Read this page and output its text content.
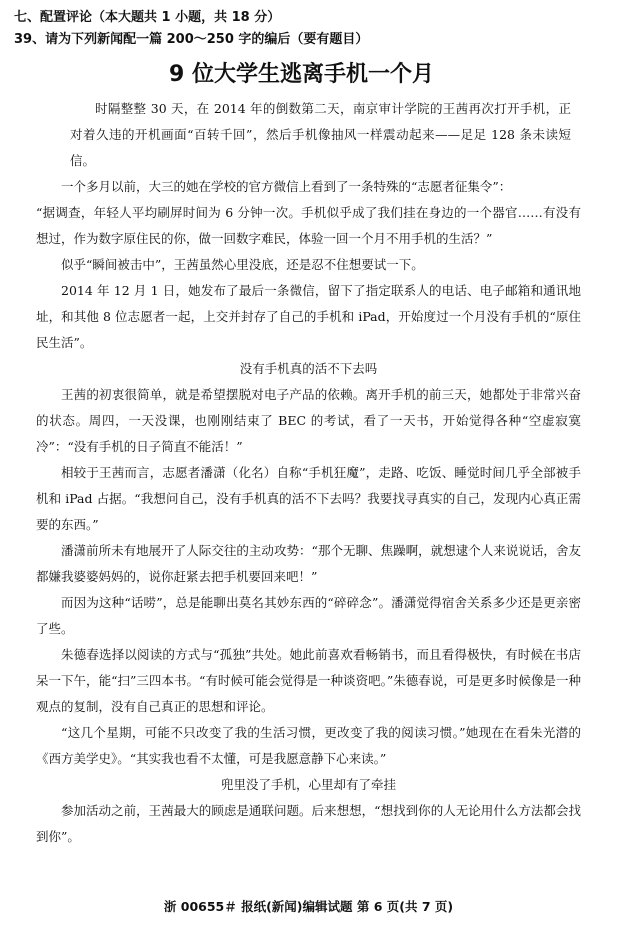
七、配置评论（本大题共 1 小题，共 18 分）

39、请为下列新闻配一篇 200～250 字的编后（要有题目）

9 位大学生逃离手机一个月

时隔整整 30 天，在 2014 年的倒数第二天，南京审计学院的王茜再次打开手机，正对着久违的开机画面“百转千回”，然后手机像抽风一样震动起来——足足 128 条未读短信。

一个多月以前，大三的她在学校的官方微信上看到了一条特殊的“志愿者征集令”：

“据调查，年轻人平均刷屏时间为 6 分钟一次。手机似乎成了我们挂在身边的一个器官……有没有想过，作为数字原住民的你，做一回数字难民，体验一回一个月不用手机的生活？”

似乎“瞬间被击中”，王茜虽然心里没底，还是忍不住想要试一下。

2014 年 12 月 1 日，她发布了最后一条微信，留下了指定联系人的电话、电子邮箱和通讯地址，和其他 8 位志愿者一起，上交并封存了自己的手机和 iPad，开始度过一个月没有手机的“原住民生活”。

没有手机真的活不下去吗

王茜的初衷很简单，就是希望摆脱对电子产品的依赖。离开手机的前三天，她都处于非常兴奋的状态。周四，一天没课，也刚刚结束了 BEC 的考试，看了一天书，开始觉得各种“空虚寂寞冷”：“没有手机的日子简直不能活！”

相较于王茜而言，志愿者潘潇（化名）自称“手机狂魔”，走路、吃饭、睡觉时间几乎全部被手机和 iPad 占据。“我想问自己，没有手机真的活不下去吗？我要找寻真实的自己，发现内心真正需要的东西。”

潘潇前所未有地展开了人际交往的主动攻势：“那个无聊、焦躁啊，就想逮个人来说说话，舍友都嫌我婆婆妈妈的，说你赶紧去把手机要回来吧！”

而因为这种“话唠”，总是能聊出莫名其妙东西的“碎碎念”。潘潇觉得宿舍关系多少还是更亲密了些。

朱德春选择以阅读的方式与“孤独”共处。她此前喜欢看畅销书，而且看得极快，有时候在书店呆一下午，能“扫”三四本书。“有时候可能会觉得是一种谈资吧。”朱德春说，可是更多时候像是一种观点的复制，没有自己真正的思想和评论。

“这几个星期，可能不只改变了我的生活习惯，更改变了我的阅读习惯。”她现在在看朱光潜的《西方美学史》。“其实我也看不太懂，可是我愿意静下心来读。”

兜里没了手机，心里却有了牵挂

参加活动之前，王茜最大的顾虑是通联问题。后来想想，“想找到你的人无论用什么方法都会找到你”。

浙 00655＃ 报纸(新闻)编辑试题 第 6 页(共 7 页)
